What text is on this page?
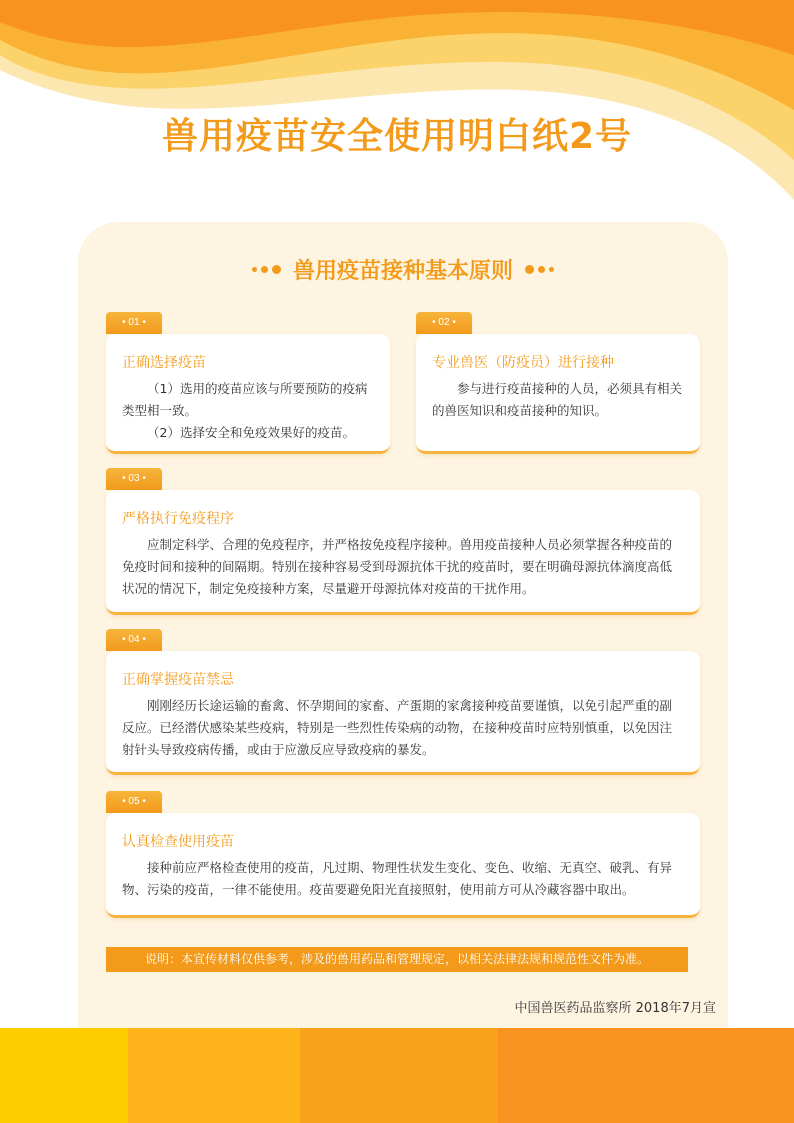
兽用疫苗安全使用明白纸2号
兽用疫苗接种基本原则
• 01 •
正确选择疫苗

（1）选用的疫苗应该与所要预防的疫病类型相一致。

（2）选择安全和免疫效果好的疫苗。

• 02 •
专业兽医（防疫员）进行接种

参与进行疫苗接种的人员，必须具有相关的兽医知识和疫苗接种的知识。

• 03 •
严格执行免疫程序

应制定科学、合理的免疫程序，并严格按免疫程序接种。兽用疫苗接种人员必须掌握各种疫苗的免疫时间和接种的间隔期。特别在接种容易受到母源抗体干扰的疫苗时，要在明确母源抗体滴度高低状况的情况下，制定免疫接种方案，尽量避开母源抗体对疫苗的干扰作用。

• 04 •
正确掌握疫苗禁忌

刚刚经历长途运输的畜禽、怀孕期间的家畜、产蛋期的家禽接种疫苗要谨慎，以免引起严重的副反应。已经潜伏感染某些疫病，特别是一些烈性传染病的动物，在接种疫苗时应特别慎重，以免因注射针头导致疫病传播，或由于应激反应导致疫病的暴发。

• 05 •
认真检查使用疫苗

接种前应严格检查使用的疫苗，凡过期、物理性状发生变化、变色、收缩、无真空、破乳、有异物、污染的疫苗，一律不能使用。疫苗要避免阳光直接照射，使用前方可从冷藏容器中取出。

说明：本宣传材料仅供参考，涉及的兽用药品和管理规定，以相关法律法规和规范性文件为准。
中国兽医药品监察所 2018年7月宣
